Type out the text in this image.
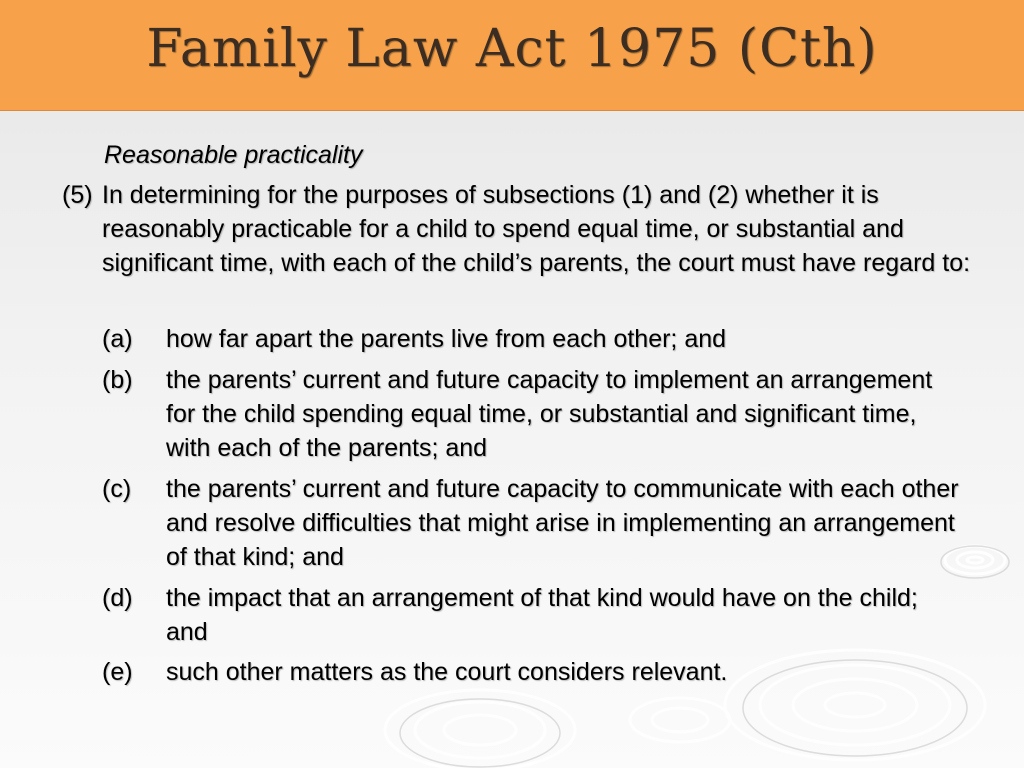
Family Law Act 1975 (Cth)
Reasonable practicality
(5) In determining for the purposes of subsections (1) and (2) whether it is reasonably practicable for a child to spend equal time, or substantial and significant time, with each of the child’s parents, the court must have regard to:
(a) how far apart the parents live from each other; and
(b) the parents’ current and future capacity to implement an arrangement for the child spending equal time, or substantial and significant time, with each of the parents; and
(c) the parents’ current and future capacity to communicate with each other and resolve difficulties that might arise in implementing an arrangement of that kind; and
(d) the impact that an arrangement of that kind would have on the child; and
(e) such other matters as the court considers relevant.
